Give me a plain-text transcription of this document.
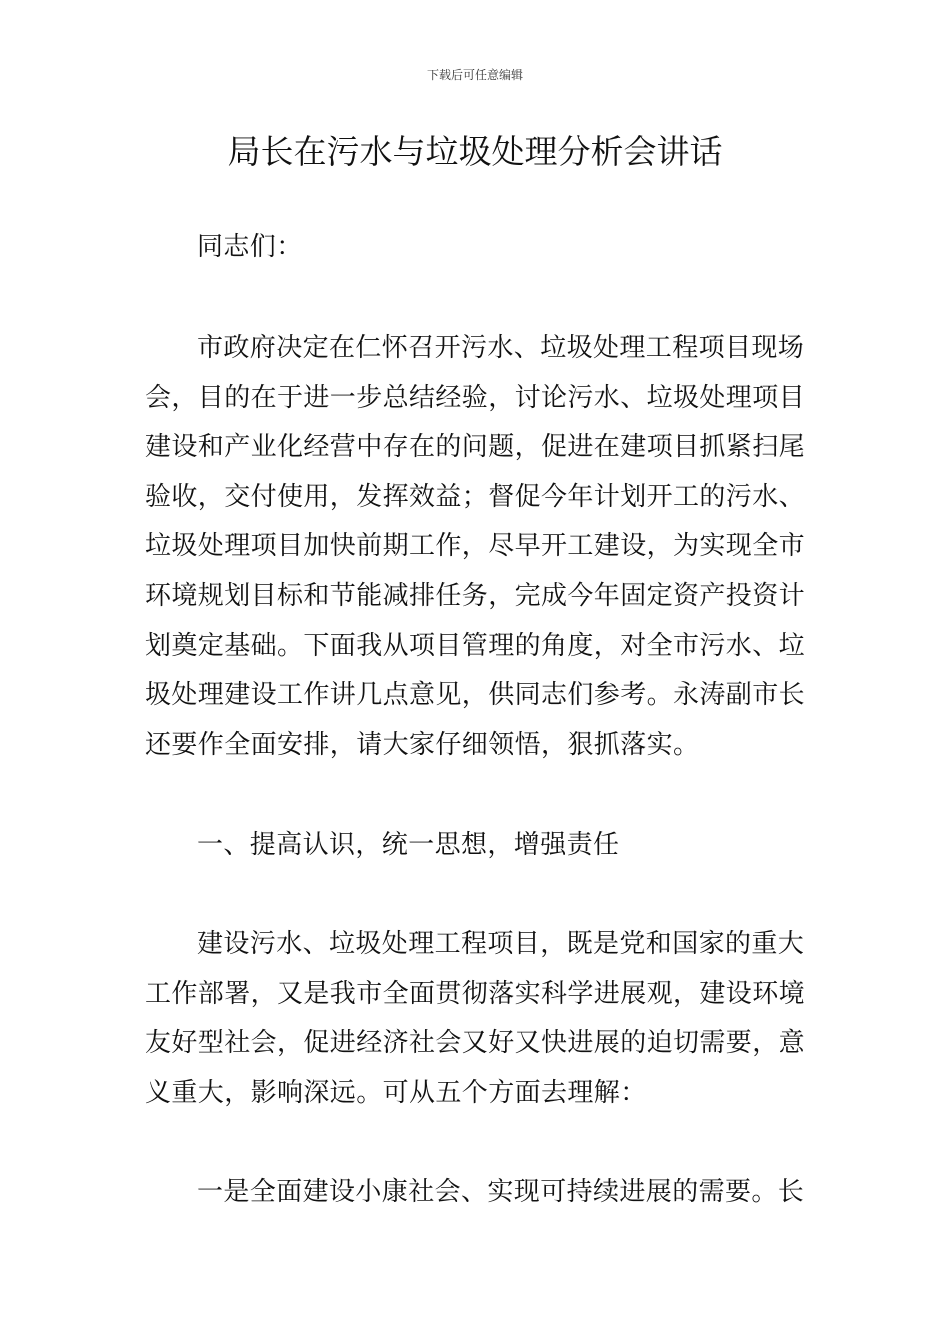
下载后可任意编辑
局长在污水与垃圾处理分析会讲话

同志们：

市政府决定在仁怀召开污水、垃圾处理工程项目现场会，目的在于进一步总结经验，讨论污水、垃圾处理项目建设和产业化经营中存在的问题，促进在建项目抓紧扫尾验收，交付使用，发挥效益；督促今年计划开工的污水、垃圾处理项目加快前期工作，尽早开工建设，为实现全市环境规划目标和节能减排任务，完成今年固定资产投资计划奠定基础。下面我从项目管理的角度，对全市污水、垃圾处理建设工作讲几点意见，供同志们参考。永涛副市长还要作全面安排，请大家仔细领悟，狠抓落实。

一、提高认识，统一思想，增强责任

建设污水、垃圾处理工程项目，既是党和国家的重大工作部署，又是我市全面贯彻落实科学进展观，建设环境友好型社会，促进经济社会又好又快进展的迫切需要，意义重大，影响深远。可从五个方面去理解：

一是全面建设小康社会、实现可持续进展的需要。长
